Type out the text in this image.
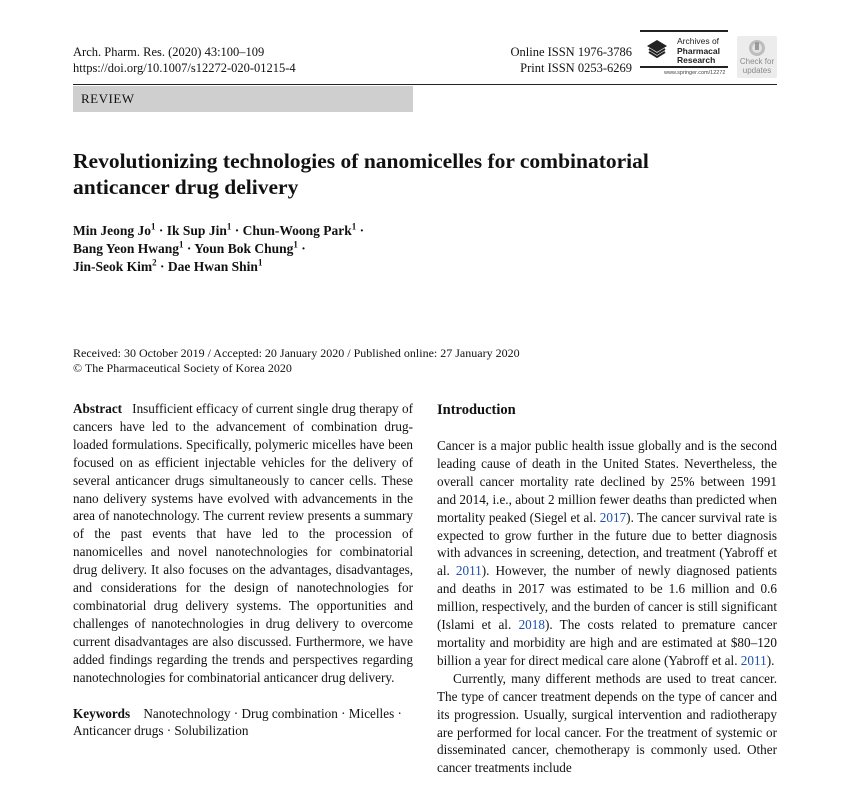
Arch. Pharm. Res. (2020) 43:100–109
https://doi.org/10.1007/s12272-020-01215-4
Online ISSN 1976-3786
Print ISSN 0253-6269
Archives of
Pharmacal
Research
www.springer.com/12272
Check for
updates
REVIEW
Revolutionizing technologies of nanomicelles for combinatorial
anticancer drug delivery
Min Jeong $Jo^1 \cdot Ik$ Sup Jin$^1$ · Chun-Woong Park$^1$ ·
Bang Yeon Hwang$^1$ · Youn Bok Chung$^1$ ·
Jin-Seok Kim$^2$ · Dae Hwan Shin$^1$
Received: 30 October 2019 / Accepted: 20 January 2020 / Published online: 27 January 2020
© The Pharmaceutical Society of Korea 2020

Abstract Insufficient efficacy of current single drug therapy of cancers have led to the advancement of combination drug-loaded formulations. Specifically, polymeric micelles have been focused on as efficient injectable vehicles for the delivery of several anticancer drugs simultaneously to cancer cells. These nano delivery systems have evolved with advancements in the area of nanotechnology. The current review presents a summary of the past events that have led to the procession of nanomicelles and novel nanotechnologies for combinatorial drug delivery. It also focuses on the advantages, disadvantages, and considerations for the design of nanotechnologies for combinatorial drug delivery systems. The opportunities and challenges of nanotechnologies in drug delivery to overcome current disadvantages are also discussed. Furthermore, we have added findings regarding the trends and perspectives regarding nanotechnologies for combinatorial anticancer drug delivery.

Keywords Nanotechnology · Drug combination · Micelles · Anticancer drugs · Solubilization

Introduction

Cancer is a major public health issue globally and is the second leading cause of death in the United States. Nevertheless, the overall cancer mortality rate declined by 25% between 1991 and 2014, i.e., about 2 million fewer deaths than predicted when mortality peaked (Siegel et al. 2017). The cancer survival rate is expected to grow further in the future due to better diagnosis with advances in screening, detection, and treatment (Yabroff et al. 2011). However, the number of newly diagnosed patients and deaths in 2017 was estimated to be 1.6 million and 0.6 million, respectively, and the burden of cancer is still significant (Islami et al. 2018). The costs related to premature cancer mortality and morbidity are high and are estimated at $80–120 billion a year for direct medical care alone (Yabroff et al. 2011).

Currently, many different methods are used to treat cancer. The type of cancer treatment depends on the type of cancer and its progression. Usually, surgical intervention and radiotherapy are performed for local cancer. For the treatment of systemic or disseminated cancer, chemotherapy is commonly used. Other cancer treatments include
